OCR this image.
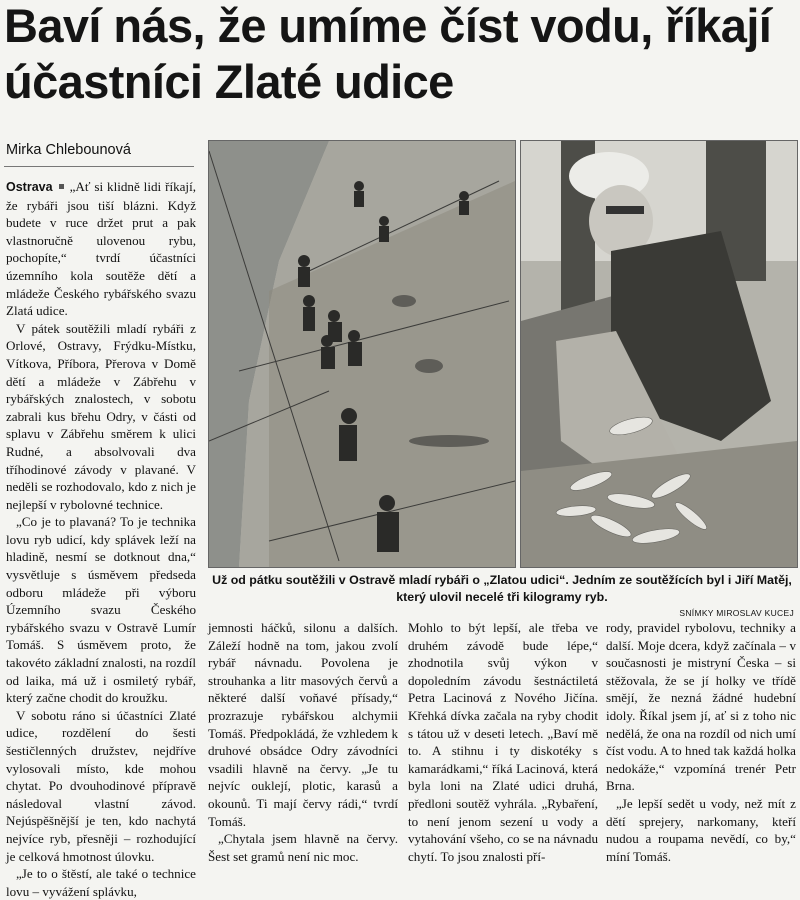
Baví nás, že umíme číst vodu, říkají účastníci Zlaté udice
Mirka Chlebounová

Ostrava „Ať si klidně lidi říkají, že rybáři jsou tiší blázni. Když budete v ruce držet prut a pak vlastnoručně ulovenou rybu, pochopíte,“ tvrdí účastníci územního kola soutěže dětí a mládeže Českého rybářského svazu Zlatá udice.

V pátek soutěžili mladí rybáři z Orlové, Ostravy, Frýdku-Místku, Vítkova, Příbora, Přerova v Domě dětí a mládeže v Zábřehu v rybářských znalostech, v sobotu zabrali kus břehu Odry, v části od splavu v Zábřehu směrem k ulici Rudné, a absolvovali dva tříhodinové závody v plavané. V neděli se rozhodovalo, kdo z nich je nejlepší v rybolovné technice.

„Co je to plavaná? To je technika lovu ryb udicí, kdy splávek leží na hladině, nesmí se dotknout dna,“ vysvětluje s úsměvem předseda odboru mládeže při výboru Územního svazu Českého rybářského svazu v Ostravě Lumír Tomáš. S úsměvem proto, že takovéto základní znalosti, na rozdíl od laika, má už i osmiletý rybář, který začne chodit do kroužku.

V sobotu ráno si účastníci Zlaté udice, rozdělení do šesti šestičlenných družstev, nejdříve vylosovali místo, kde mohou chytat. Po dvouhodinové přípravě následoval vlastní závod. Nejúspěšnější je ten, kdo nachytá nejvíce ryb, přesněji – rozhodující je celková hmotnost úlovku.

„Je to o štěstí, ale také o technice lovu – vyvážení splávku,

Už od pátku soutěžili v Ostravě mladí rybáři o „Zlatou udici“. Jedním ze soutěžících byl i Jiří Matěj, který ulovil necelé tři kilogramy ryb.
SNÍMKY MIROSLAV KUCEJ

jemnosti háčků, silonu a dalších. Záleží hodně na tom, jakou zvolí rybář návnadu. Povolena je strouhanka a litr masových červů a některé další voňavé přísady,“ prozrazuje rybářskou alchymii Tomáš. Předpokládá, že vzhledem k druhové obsádce Odry závodníci vsadili hlavně na červy. „Je tu nejvíc ouklejí, plotic, karasů a okounů. Ti mají červy rádi,“ tvrdí Tomáš.

„Chytala jsem hlavně na červy. Šest set gramů není nic moc.

Mohlo to být lepší, ale třeba ve druhém závodě bude lépe,“ zhodnotila svůj výkon v dopoledním závodu šestnáctiletá Petra Lacinová z Nového Jičína. Křehká dívka začala na ryby chodit s tátou už v deseti letech. „Baví mě to. A stihnu i ty diskotéky s kamarádkami,“ říká Lacinová, která byla loni na Zlaté udici druhá, předloni soutěž vyhrála. „Rybaření, to není jenom sezení u vody a vytahování všeho, co se na návnadu chytí. To jsou znalosti pří-

rody, pravidel rybolovu, techniky a další. Moje dcera, když začínala – v současnosti je mistryní Česka – si stěžovala, že se jí holky ve třídě smějí, že nezná žádné hudební idoly. Říkal jsem jí, ať si z toho nic nedělá, že ona na rozdíl od nich umí číst vodu. A to hned tak každá holka nedokáže,“ vzpomíná trenér Petr Brna.

„Je lepší sedět u vody, než mít z dětí sprejery, narkomany, kteří nudou a roupama nevědí, co by,“ míní Tomáš.
